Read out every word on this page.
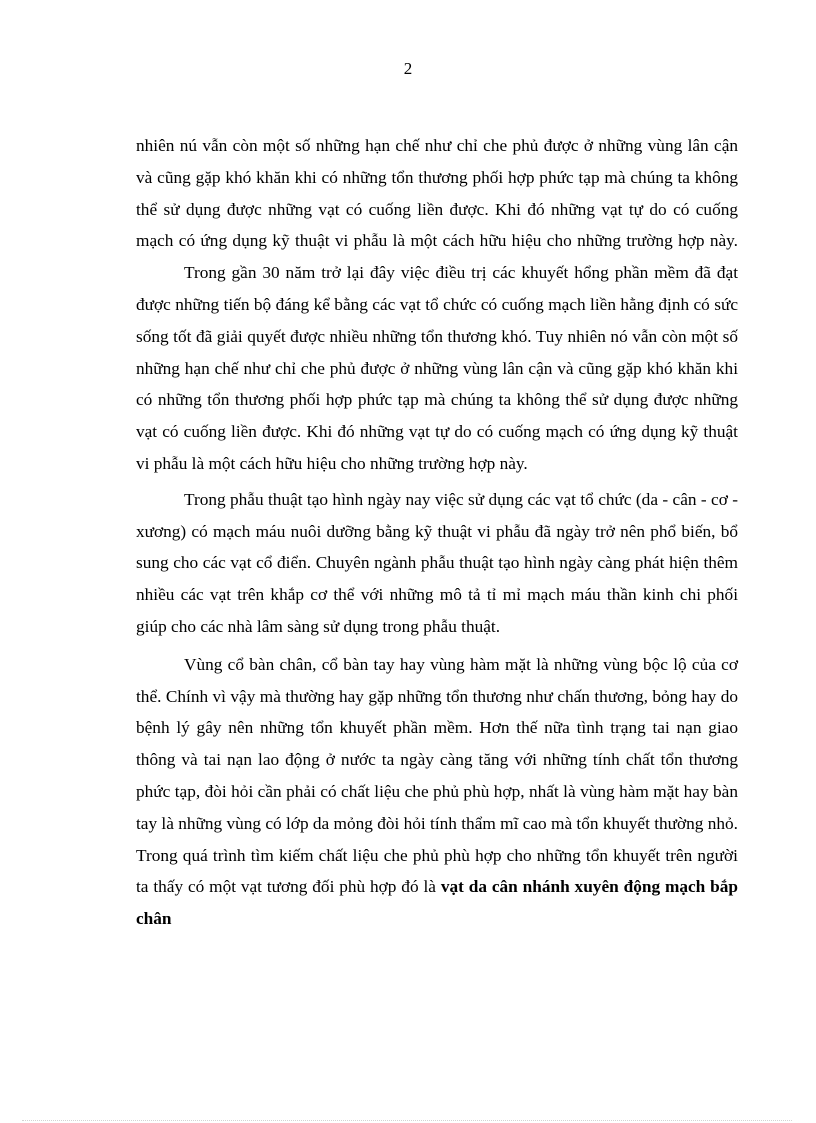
2

nhiên nú vẫn còn một số những hạn chế như chỉ che phủ được ở những vùng lân cận và cũng gặp khó khăn khi có những tổn thương phối hợp phức tạp mà chúng ta không thể sử dụng được những vạt có cuống liền được. Khi đó những vạt tự do có cuống mạch có ứng dụng kỹ thuật vi phẫu là một cách hữu hiệu cho những trường hợp này.Trong gần 30 năm trở lại đây việc điều trị các khuyết hổng phần mềm đã đạt được những tiến bộ đáng kể bằng các vạt tổ chức có cuống mạch liền hằng định có sức sống tốt đã giải quyết được nhiều những tổn thương khó. Tuy nhiên nó vẫn còn một số những hạn chế như chỉ che phủ được ở những vùng lân cận và cũng gặp khó khăn khi có những tổn thương phối hợp phức tạp mà chúng ta không thể sử dụng được những vạt có cuống liền được. Khi đó những vạt tự do có cuống mạch có ứng dụng kỹ thuật vi phẫu là một cách hữu hiệu cho những trường hợp này.

Trong phẫu thuật tạo hình ngày nay việc sử dụng các vạt tổ chức (da - cân - cơ - xương) có mạch máu nuôi dưỡng bằng kỹ thuật vi phẫu đã ngày trở nên phổ biến, bổ sung cho các vạt cổ điển. Chuyên ngành phẫu thuật tạo hình ngày càng phát hiện thêm nhiều các vạt trên khắp cơ thể với những mô tả tỉ mỉ mạch máu thần kinh chi phối giúp cho các nhà lâm sàng sử dụng trong phẫu thuật.

Vùng cổ bàn chân, cổ bàn tay hay vùng hàm mặt là những vùng bộc lộ của cơ thể. Chính vì vậy mà thường hay gặp những tổn thương như chấn thương, bỏng hay do bệnh lý gây nên những tổn khuyết phần mềm. Hơn thế nữa tình trạng tai nạn giao thông và tai nạn lao động ở nước ta ngày càng tăng với những tính chất tổn thương phức tạp, đòi hỏi cần phải có chất liệu che phủ phù hợp, nhất là vùng hàm mặt hay bàn tay là những vùng có lớp da mỏng đòi hỏi tính thẩm mĩ cao mà tổn khuyết thường nhỏ. Trong quá trình tìm kiếm chất liệu che phủ phù hợp cho những tổn khuyết trên người ta thấy có một vạt tương đối phù hợp đó là vạt da cân nhánh xuyên động mạch bắp chân
